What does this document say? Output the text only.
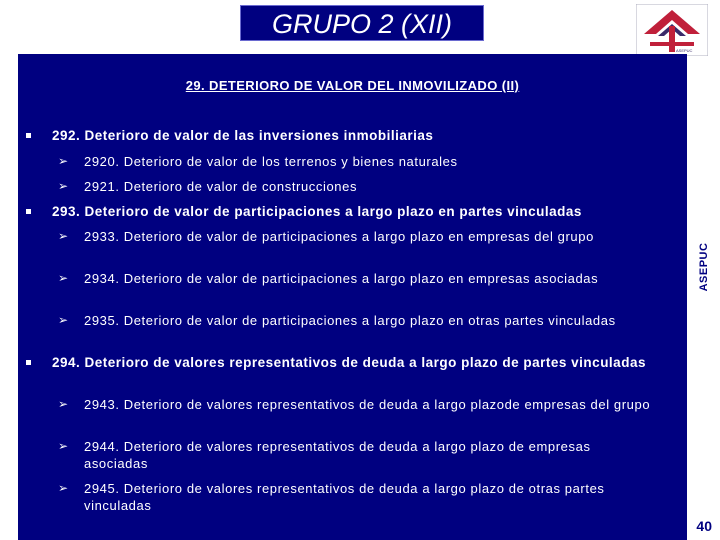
GRUPO 2 (XII)
ASEPUC
29. DETERIORO DE VALOR DEL INMOVILIZADO (II)
292. Deterioro de valor de las inversiones inmobiliarias
➢	2920. Deterioro de valor de los terrenos y bienes naturales
➢	2921. Deterioro de valor de construcciones
293. Deterioro de valor de participaciones a largo plazo en partes vinculadas
➢	2933. Deterioro de valor de participaciones a largo plazo en empresas del grupo
➢	2934. Deterioro de valor de participaciones a largo plazo en empresas asociadas
➢	2935. Deterioro de valor de participaciones a largo plazo en otras partes vinculadas
294. Deterioro de valores representativos de deuda a largo plazo de partes vinculadas
➢	2943. Deterioro de valores representativos de deuda a largo plazode empresas del grupo
➢	2944. Deterioro de valores representativos de deuda a largo plazo de empresas asociadas
➢	2945. Deterioro de valores representativos de deuda a largo plazo de otras partes vinculadas
ASEPUC
40
